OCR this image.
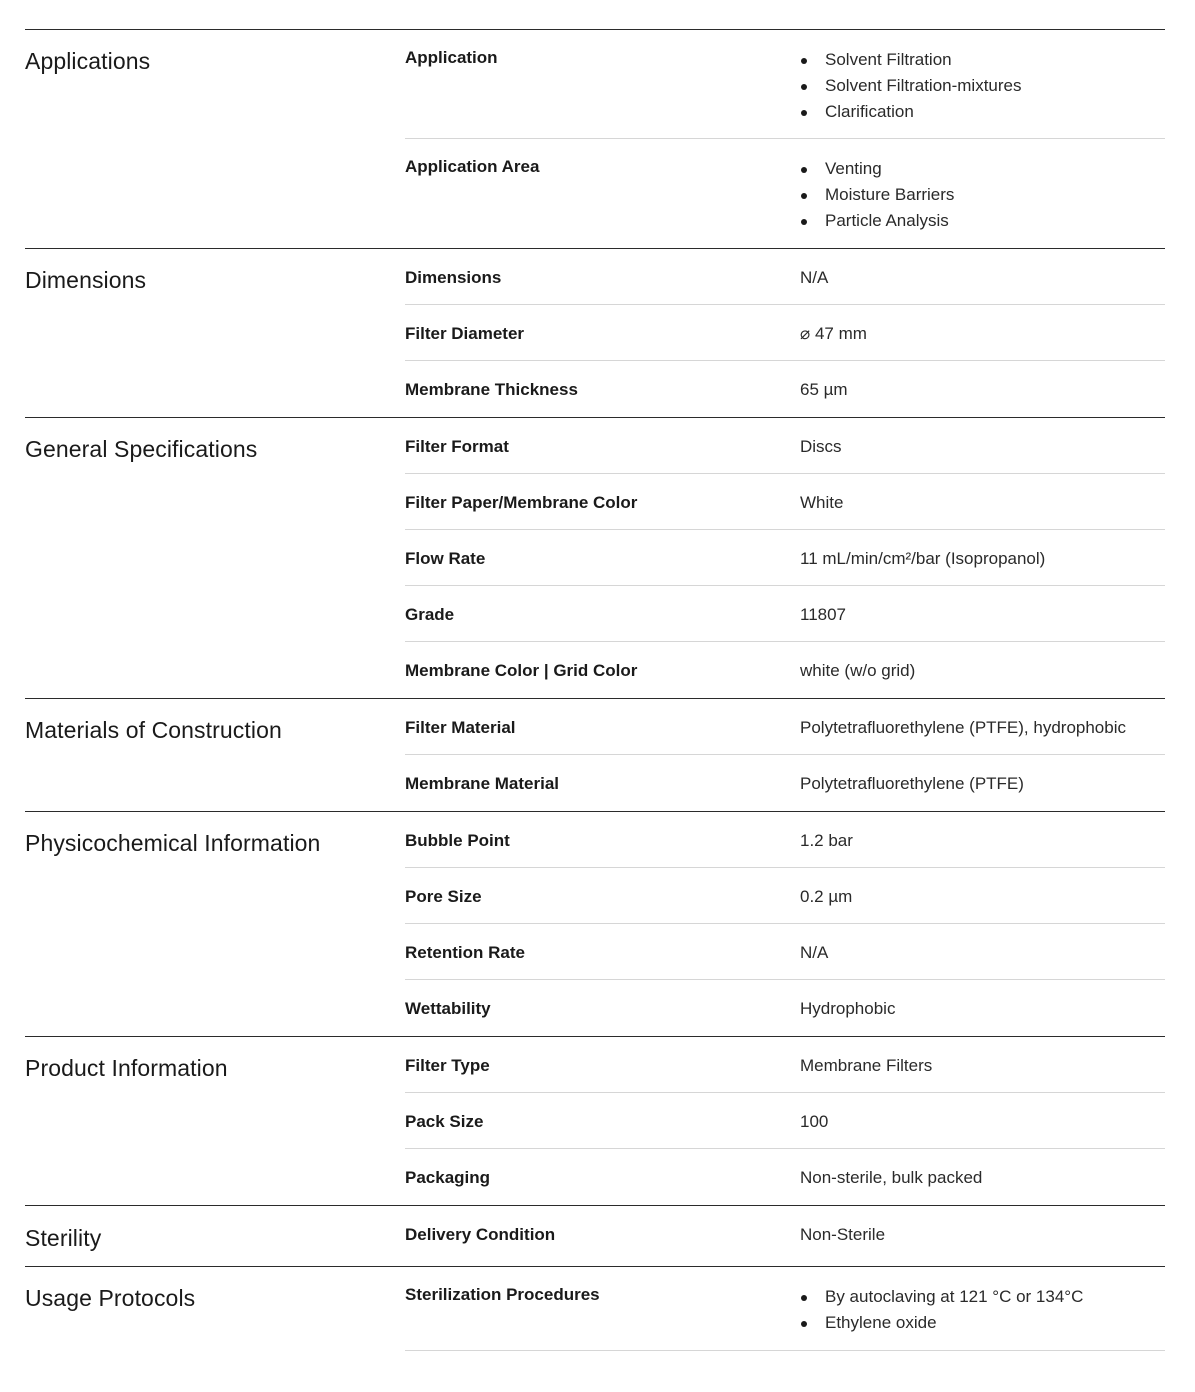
Applications	Application	Solvent Filtration
Solvent Filtration-mixtures
Clarification
Application Area	Venting
Moisture Barriers
Particle Analysis
Dimensions	Dimensions	N/A
Filter Diameter	⌀ 47 mm
Membrane Thickness	65 µm
General Specifications	Filter Format	Discs
Filter Paper/Membrane Color	White
Flow Rate	11 mL/min/cm²/bar (Isopropanol)
Grade	11807
Membrane Color | Grid Color	white (w/o grid)
Materials of Construction	Filter Material	Polytetrafluorethylene (PTFE), hydrophobic
Membrane Material	Polytetrafluorethylene (PTFE)
Physicochemical Information	Bubble Point	1.2 bar
Pore Size	0.2 µm
Retention Rate	N/A
Wettability	Hydrophobic
Product Information	Filter Type	Membrane Filters
Pack Size	100
Packaging	Non-sterile, bulk packed
Sterility	Delivery Condition	Non-Sterile
Usage Protocols	Sterilization Procedures	By autoclaving at 121 °C or 134°C
Ethylene oxide
